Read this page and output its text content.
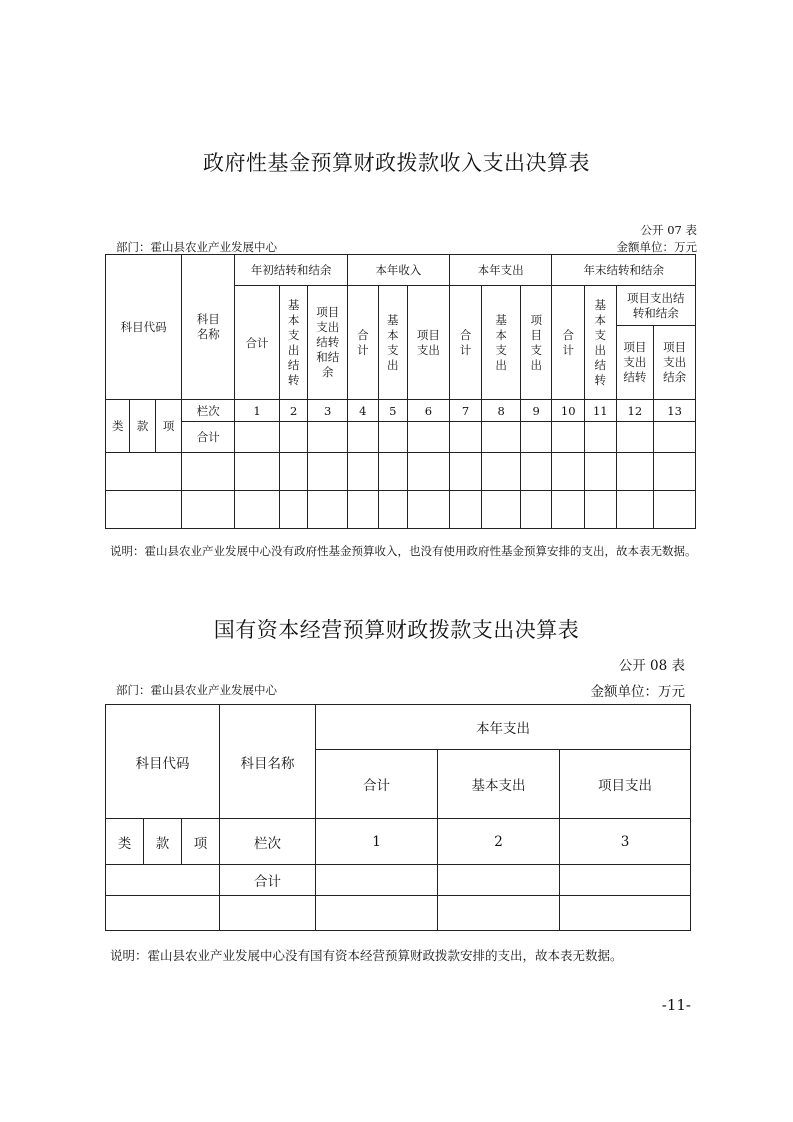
政府性基金预算财政拨款收入支出决算表
公开 07 表
部门：霍山县农业产业发展中心	金额单位：万元
科目代码			科目名称	年初结转和结余			本年收入			本年支出			年末结转和结余			
				合计	基本支出结转	项目支出结转和结余	合计	基本支出	项目支出	合计	基本支出	项目支出	合计	基本支出结转	项目支出结转和结余	
															项目支出结转	项目支出结余
类	款	项	栏次	1	2	3	4	5	6	7	8	9	10	11	12	13
			合计													

说明：霍山县农业产业发展中心没有政府性基金预算收入，也没有使用政府性基金预算安排的支出，故本表无数据。
国有资本经营预算财政拨款支出决算表
公开 08 表
部门：霍山县农业产业发展中心	金额单位：万元
科目代码			科目名称	本年支出		
				合计	基本支出	项目支出
类	款	项	栏次	1	2	3
			合计			

说明：霍山县农业产业发展中心没有国有资本经营预算财政拨款安排的支出，故本表无数据。
-11-
